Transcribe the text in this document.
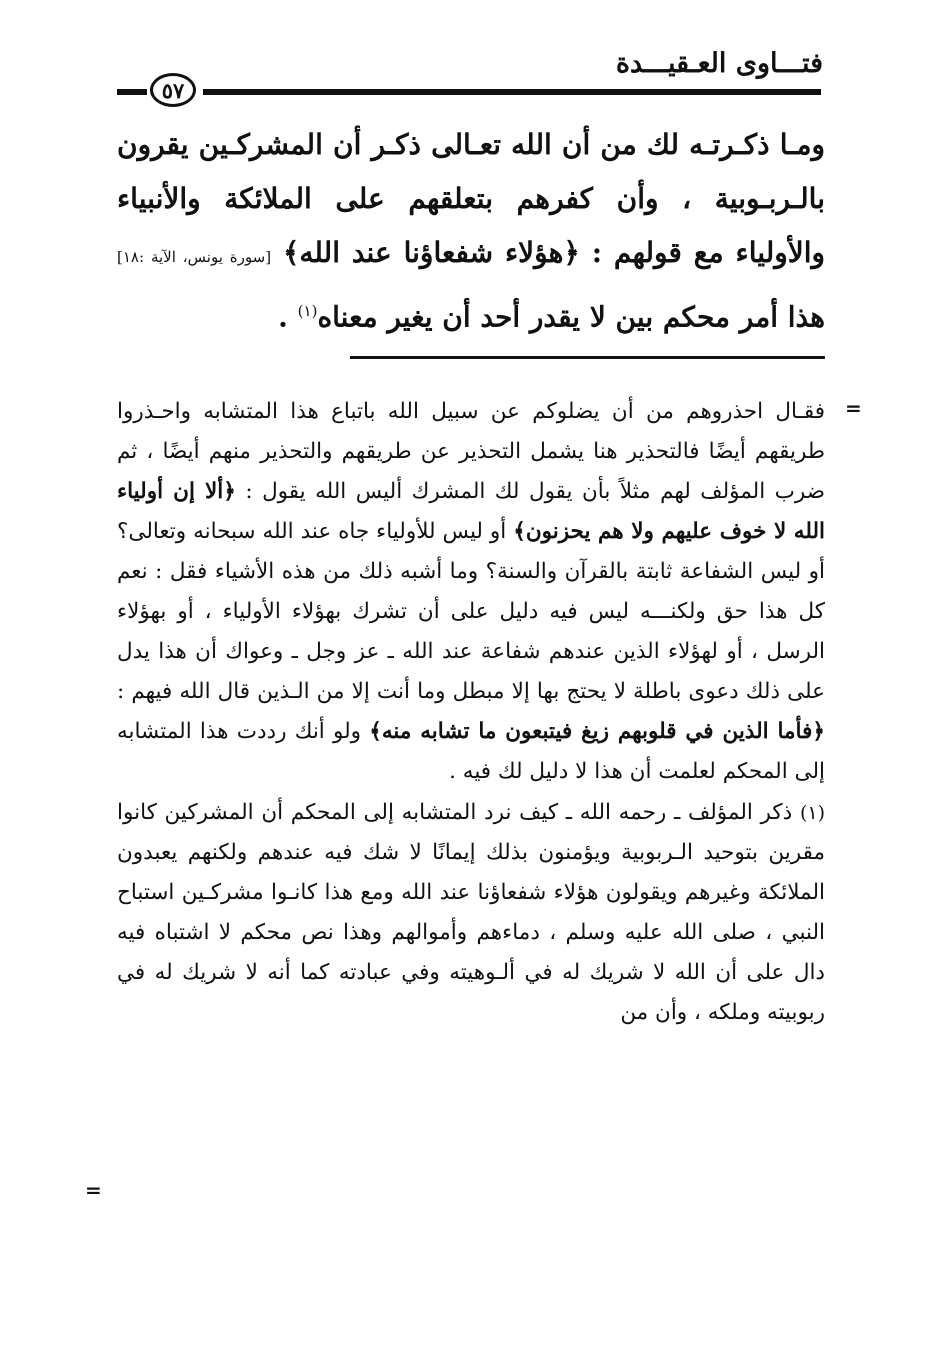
فتـــاوى العـقيـــدة
٥٧

ومـا ذكـرتـه لك من أن الله تعـالى ذكـر أن المشركـين يقرون بالـربـوبية ، وأن كفرهم بتعلقهم على الملائكة والأنبياء والأولياء مع قولهم : ﴿هؤلاء شفعاؤنا عند الله﴾ [سورة يونس، الآية :١٨] هذا أمر محكم بين لا يقدر أحد أن يغير معناه$^{(١)}$ .

=

فقـال احذروهم من أن يضلوكم عن سبيل الله باتباع هذا المتشابه واحـذروا طريقهم أيضًا فالتحذير هنا يشمل التحذير عن طريقهم والتحذير منهم أيضًا ، ثم ضرب المؤلف لهم مثلاً بأن يقول لك المشرك أليس الله يقول : ﴿ألا إن أولياء الله لا خوف عليهم ولا هم يحزنون﴾ أو ليس للأولياء جاه عند الله سبحانه وتعالى؟ أو ليس الشفاعة ثابتة بالقرآن والسنة؟ وما أشبه ذلك من هذه الأشياء فقل : نعم كل هذا حق ولكنـــه ليس فيه دليل على أن تشرك بهؤلاء الأولياء ، أو بهؤلاء الرسل ، أو لهؤلاء الذين عندهم شفاعة عند الله ـ عز وجل ـ وعواك أن هذا يدل على ذلك دعوى باطلة لا يحتج بها إلا مبطل وما أنت إلا من الـذين قال الله فيهم : ﴿فأما الذين في قلوبهم زيغ فيتبعون ما تشابه منه﴾ ولو أنك رددت هذا المتشابه إلى المحكم لعلمت أن هذا لا دليل لك فيه .

(١) ذكر المؤلف ـ رحمه الله ـ كيف نرد المتشابه إلى المحكم أن المشركين كانوا مقرين بتوحيد الـربوبية ويؤمنون بذلك إيمانًا لا شك فيه عندهم ولكنهم يعبدون الملائكة وغيرهم ويقولون هؤلاء شفعاؤنا عند الله ومع هذا كانـوا مشركـين استباح النبي ، صلى الله عليه وسلم ، دماءهم وأموالهم وهذا نص محكم لا اشتباه فيه دال على أن الله لا شريك له في ألـوهيته وفي عبادته كما أنه لا شريك له في ربوبيته وملكه ، وأن من

=
